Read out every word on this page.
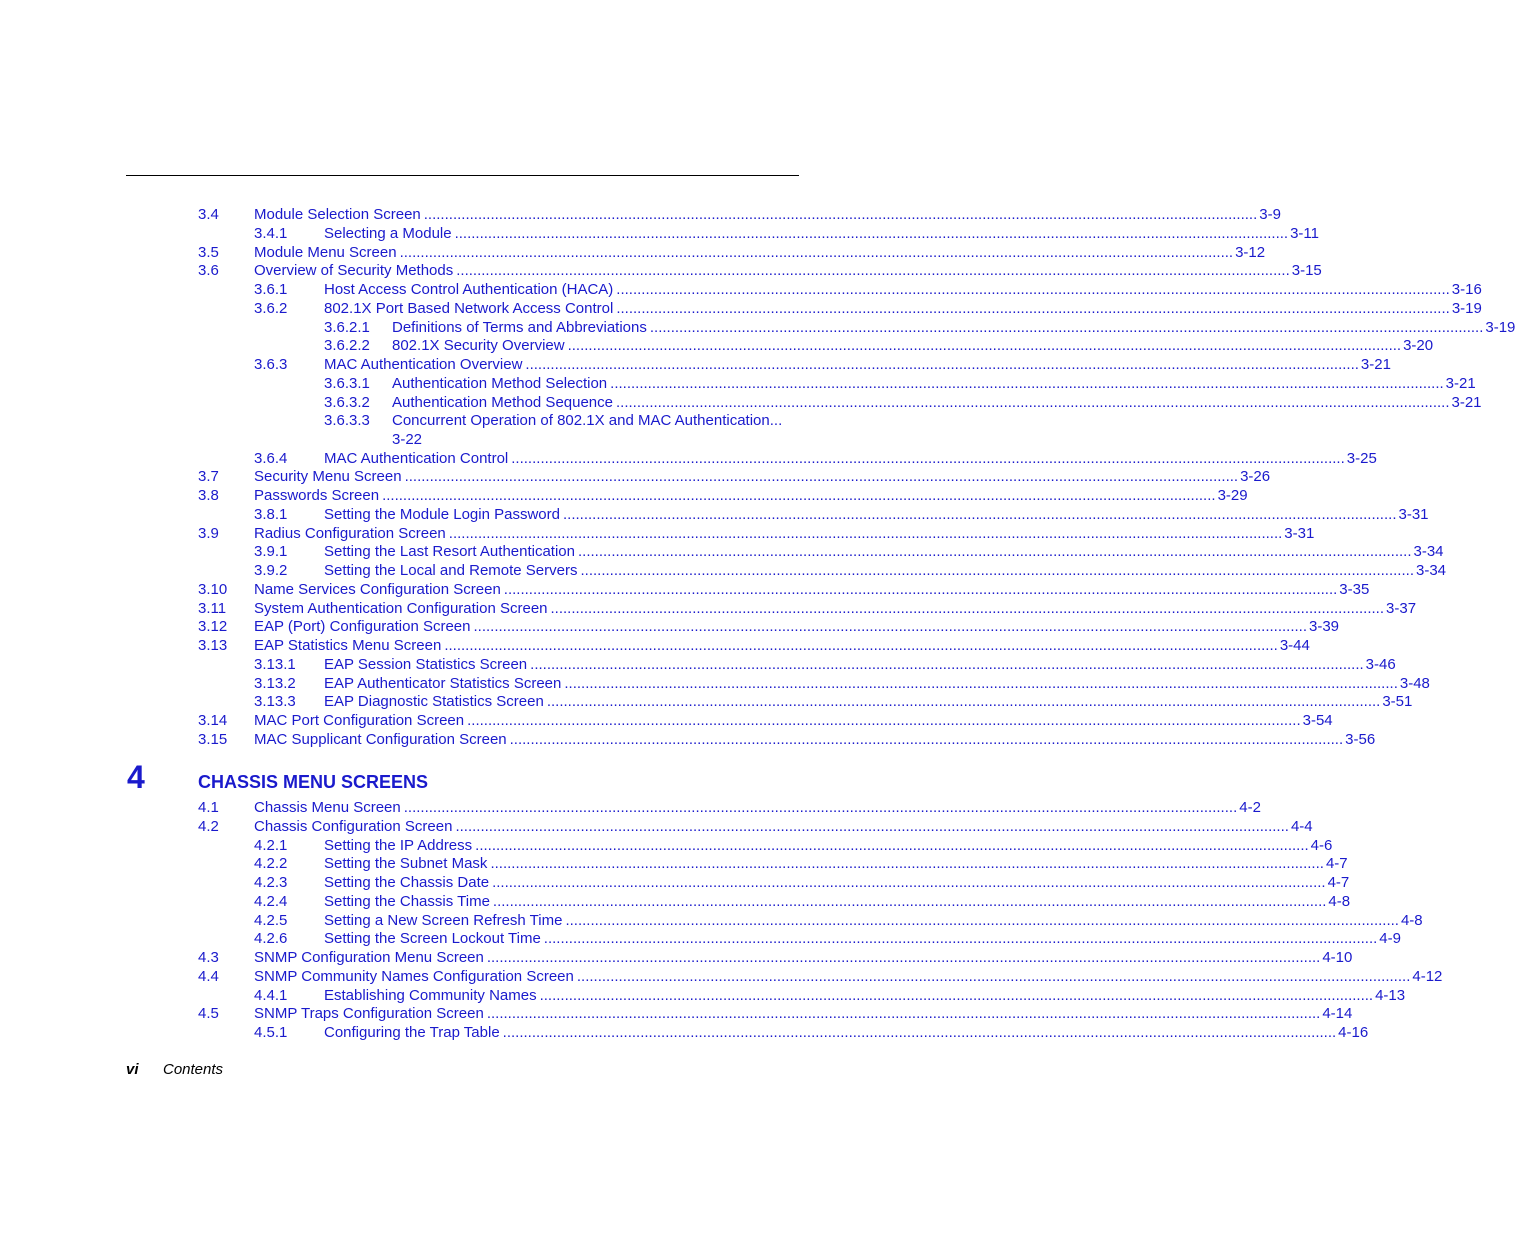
3.4 Module Selection Screen ........................................................................................................................................................................................................ 3-9
3.4.1 Selecting a Module ........................................................................................................................................................................................................ 3-11
3.5 Module Menu Screen ........................................................................................................................................................................................................ 3-12
3.6 Overview of Security Methods ........................................................................................................................................................................................................ 3-15
3.6.1 Host Access Control Authentication (HACA) ........................................................................................................................................................................................................ 3-16
3.6.2 802.1X Port Based Network Access Control ........................................................................................................................................................................................................ 3-19
3.6.2.1 Definitions of Terms and Abbreviations ........................................................................................................................................................................................................ 3-19
3.6.2.2 802.1X Security Overview ........................................................................................................................................................................................................ 3-20
3.6.3 MAC Authentication Overview ........................................................................................................................................................................................................ 3-21
3.6.3.1 Authentication Method Selection ........................................................................................................................................................................................................ 3-21
3.6.3.2 Authentication Method Sequence ........................................................................................................................................................................................................ 3-21
3.6.3.3 Concurrent Operation of 802.1X and MAC Authentication...
3-22
3.6.4 MAC Authentication Control ........................................................................................................................................................................................................ 3-25
3.7 Security Menu Screen ........................................................................................................................................................................................................ 3-26
3.8 Passwords Screen ........................................................................................................................................................................................................ 3-29
3.8.1 Setting the Module Login Password ........................................................................................................................................................................................................ 3-31
3.9 Radius Configuration Screen ........................................................................................................................................................................................................ 3-31
3.9.1 Setting the Last Resort Authentication ........................................................................................................................................................................................................ 3-34
3.9.2 Setting the Local and Remote Servers ........................................................................................................................................................................................................ 3-34
3.10 Name Services Configuration Screen ........................................................................................................................................................................................................ 3-35
3.11 System Authentication Configuration Screen ........................................................................................................................................................................................................ 3-37
3.12 EAP (Port) Configuration Screen ........................................................................................................................................................................................................ 3-39
3.13 EAP Statistics Menu Screen ........................................................................................................................................................................................................ 3-44
3.13.1 EAP Session Statistics Screen ........................................................................................................................................................................................................ 3-46
3.13.2 EAP Authenticator Statistics Screen ........................................................................................................................................................................................................ 3-48
3.13.3 EAP Diagnostic Statistics Screen ........................................................................................................................................................................................................ 3-51
3.14 MAC Port Configuration Screen ........................................................................................................................................................................................................ 3-54
3.15 MAC Supplicant Configuration Screen ........................................................................................................................................................................................................ 3-56
4.1 Chassis Menu Screen ........................................................................................................................................................................................................ 4-2
4.2 Chassis Configuration Screen ........................................................................................................................................................................................................ 4-4
4.2.1 Setting the IP Address ........................................................................................................................................................................................................ 4-6
4.2.2 Setting the Subnet Mask ........................................................................................................................................................................................................ 4-7
4.2.3 Setting the Chassis Date ........................................................................................................................................................................................................ 4-7
4.2.4 Setting the Chassis Time ........................................................................................................................................................................................................ 4-8
4.2.5 Setting a New Screen Refresh Time ........................................................................................................................................................................................................ 4-8
4.2.6 Setting the Screen Lockout Time ........................................................................................................................................................................................................ 4-9
4.3 SNMP Configuration Menu Screen ........................................................................................................................................................................................................ 4-10
4.4 SNMP Community Names Configuration Screen ........................................................................................................................................................................................................ 4-12
4.4.1 Establishing Community Names ........................................................................................................................................................................................................ 4-13
4.5 SNMP Traps Configuration Screen ........................................................................................................................................................................................................ 4-14
4.5.1 Configuring the Trap Table ........................................................................................................................................................................................................ 4-16
4	CHASSIS MENU SCREENS
vi Contents
